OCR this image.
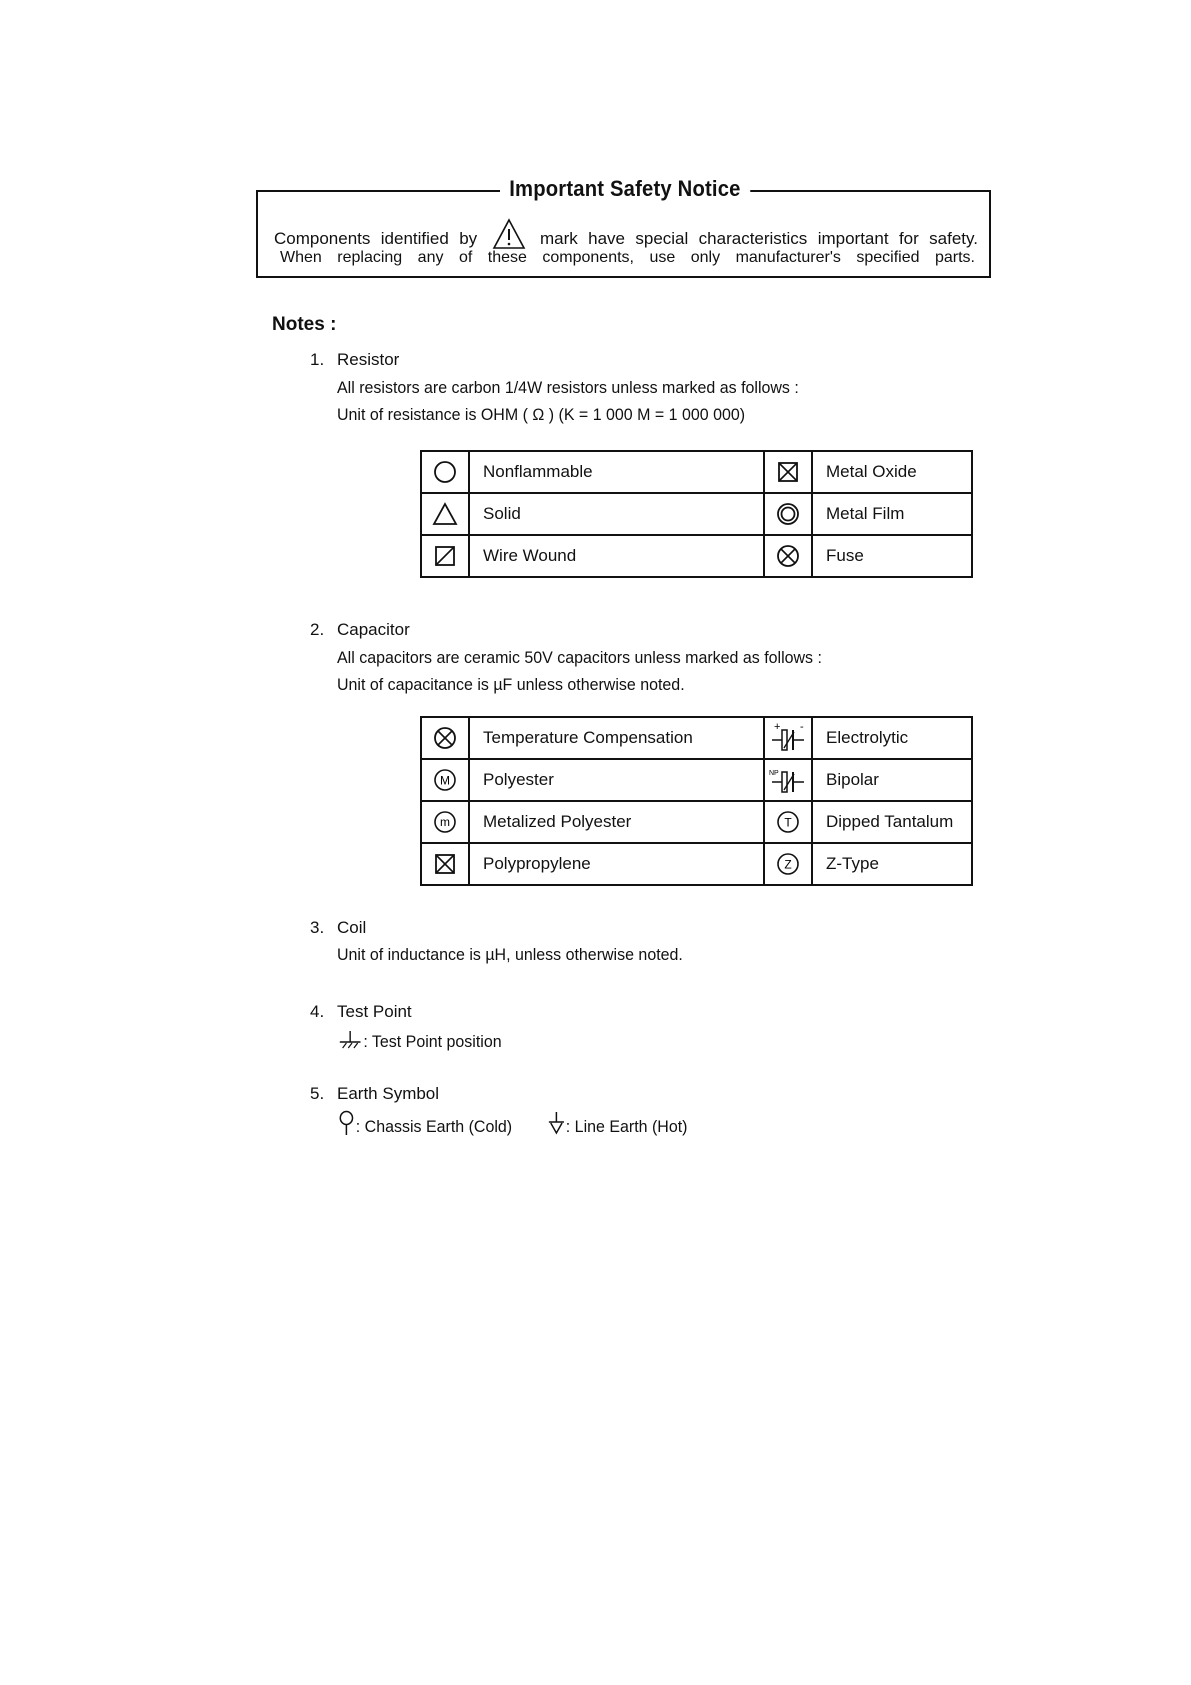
Important Safety Notice
Components identified by	mark have special characteristics important for safety.
When replacing any of these components, use only manufacturer's specified parts.
Notes :
1. Resistor
All resistors are carbon 1/4W resistors unless marked as follows :
Unit of resistance is OHM ( Ω ) (K = 1 000 M = 1 000 000)
	Nonflammable		Metal Oxide

	Solid		Metal Film

	Wire Wound		Fuse
2. Capacitor
All capacitors are ceramic 50V capacitors unless marked as follows :
Unit of capacitance is µF unless otherwise noted.
	Temperature Compensation	+ -	Electrolytic

M	Polyester	NP	Bipolar

m	Metalized Polyester	T	Dipped Tantalum

	Polypropylene	Z	Z-Type
3. Coil
Unit of inductance is µH, unless otherwise noted.
4. Test Point
: Test Point position
5. Earth Symbol
: Chassis Earth (Cold)	: Line Earth (Hot)
